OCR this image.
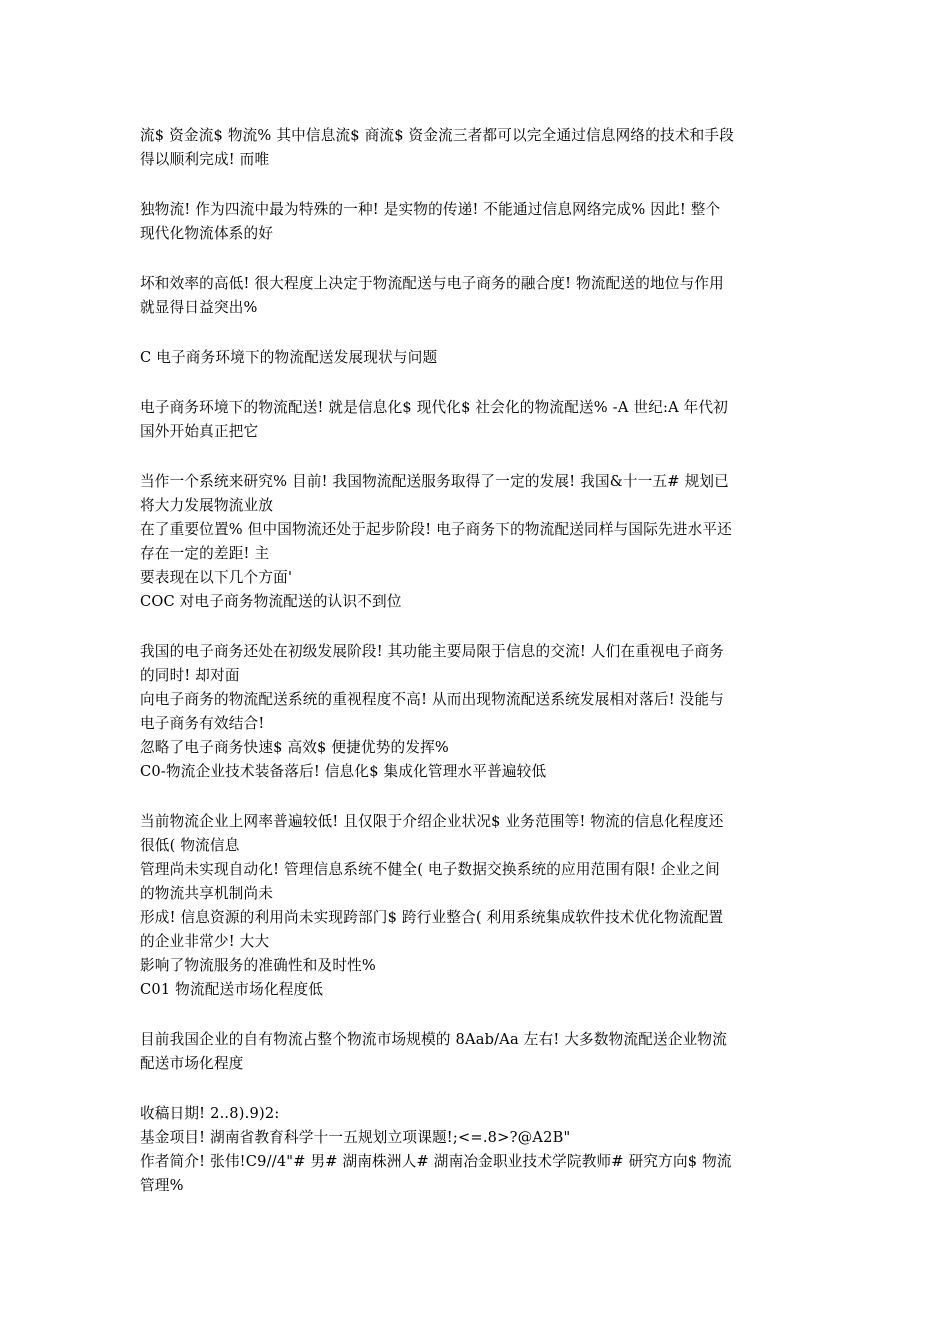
流$ 资金流$ 物流% 其中信息流$ 商流$ 资金流三者都可以完全通过信息网络的技术和手段
得以顺利完成! 而唯
独物流! 作为四流中最为特殊的一种! 是实物的传递! 不能通过信息网络完成% 因此! 整个
现代化物流体系的好
坏和效率的高低! 很大程度上决定于物流配送与电子商务的融合度! 物流配送的地位与作用
就显得日益突出%
C 电子商务环境下的物流配送发展现状与问题
电子商务环境下的物流配送! 就是信息化$ 现代化$ 社会化的物流配送% -A 世纪:A 年代初
国外开始真正把它
当作一个系统来研究% 目前! 我国物流配送服务取得了一定的发展! 我国&十一五# 规划已
将大力发展物流业放
在了重要位置% 但中国物流还处于起步阶段! 电子商务下的物流配送同样与国际先进水平还
存在一定的差距! 主
要表现在以下几个方面'
COC 对电子商务物流配送的认识不到位
我国的电子商务还处在初级发展阶段! 其功能主要局限于信息的交流! 人们在重视电子商务
的同时! 却对面
向电子商务的物流配送系统的重视程度不高! 从而出现物流配送系统发展相对落后! 没能与
电子商务有效结合!
忽略了电子商务快速$ 高效$ 便捷优势的发挥%
C0-物流企业技术装备落后! 信息化$ 集成化管理水平普遍较低
当前物流企业上网率普遍较低! 且仅限于介绍企业状况$ 业务范围等! 物流的信息化程度还
很低( 物流信息
管理尚未实现自动化! 管理信息系统不健全( 电子数据交换系统的应用范围有限! 企业之间
的物流共享机制尚未
形成! 信息资源的利用尚未实现跨部门$ 跨行业整合( 利用系统集成软件技术优化物流配置
的企业非常少! 大大
影响了物流服务的准确性和及时性%
C01 物流配送市场化程度低
目前我国企业的自有物流占整个物流市场规模的 8Aab/Aa 左右! 大多数物流配送企业物流
配送市场化程度
收稿日期! 2..8).9)2:
基金项目! 湖南省教育科学十一五规划立项课题!;<=.8>?@A2B"
作者简介! 张伟!C9//4"# 男# 湖南株洲人# 湖南冶金职业技术学院教师# 研究方向$ 物流
管理%
